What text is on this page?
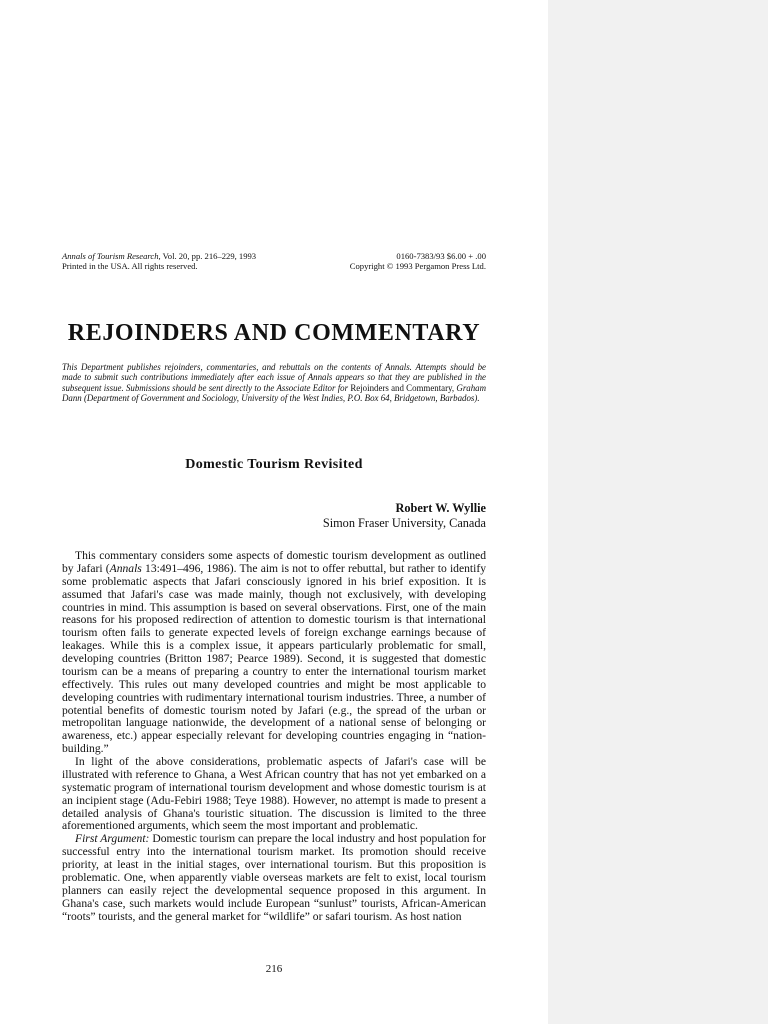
Annals of Tourism Research, Vol. 20, pp. 216–229, 1993
Printed in the USA. All rights reserved.
0160-7383/93 $6.00 + .00
Copyright © 1993 Pergamon Press Ltd.
REJOINDERS AND COMMENTARY
This Department publishes rejoinders, commentaries, and rebuttals on the contents of Annals. Attempts should be made to submit such contributions immediately after each issue of Annals appears so that they are published in the subsequent issue. Submissions should be sent directly to the Associate Editor for Rejoinders and Commentary, Graham Dann (Department of Government and Sociology, University of the West Indies, P.O. Box 64, Bridgetown, Barbados).
Domestic Tourism Revisited
Robert W. Wyllie
Simon Fraser University, Canada

This commentary considers some aspects of domestic tourism development as outlined by Jafari (Annals 13:491–496, 1986). The aim is not to offer rebuttal, but rather to identify some problematic aspects that Jafari consciously ignored in his brief exposition. It is assumed that Jafari's case was made mainly, though not exclusively, with developing countries in mind. This assumption is based on several observations. First, one of the main reasons for his proposed redirection of attention to domestic tourism is that international tourism often fails to generate expected levels of foreign exchange earnings because of leakages. While this is a complex issue, it appears particularly problematic for small, developing countries (Britton 1987; Pearce 1989). Second, it is suggested that domestic tourism can be a means of preparing a country to enter the international tourism market effectively. This rules out many developed countries and might be most applicable to developing countries with rudimentary international tourism industries. Three, a number of potential benefits of domestic tourism noted by Jafari (e.g., the spread of the urban or metropolitan language nationwide, the development of a national sense of belonging or awareness, etc.) appear especially relevant for developing countries engaging in “nation-building.”

In light of the above considerations, problematic aspects of Jafari's case will be illustrated with reference to Ghana, a West African country that has not yet embarked on a systematic program of international tourism development and whose domestic tourism is at an incipient stage (Adu-Febiri 1988; Teye 1988). However, no attempt is made to present a detailed analysis of Ghana's touristic situation. The discussion is limited to the three aforementioned arguments, which seem the most important and problematic.

First Argument: Domestic tourism can prepare the local industry and host population for successful entry into the international tourism market. Its promotion should receive priority, at least in the initial stages, over international tourism. But this proposition is problematic. One, when apparently viable overseas markets are felt to exist, local tourism planners can easily reject the developmental sequence proposed in this argument. In Ghana's case, such markets would include European “sunlust” tourists, African-American “roots” tourists, and the general market for “wildlife” or safari tourism. As host nation

216
